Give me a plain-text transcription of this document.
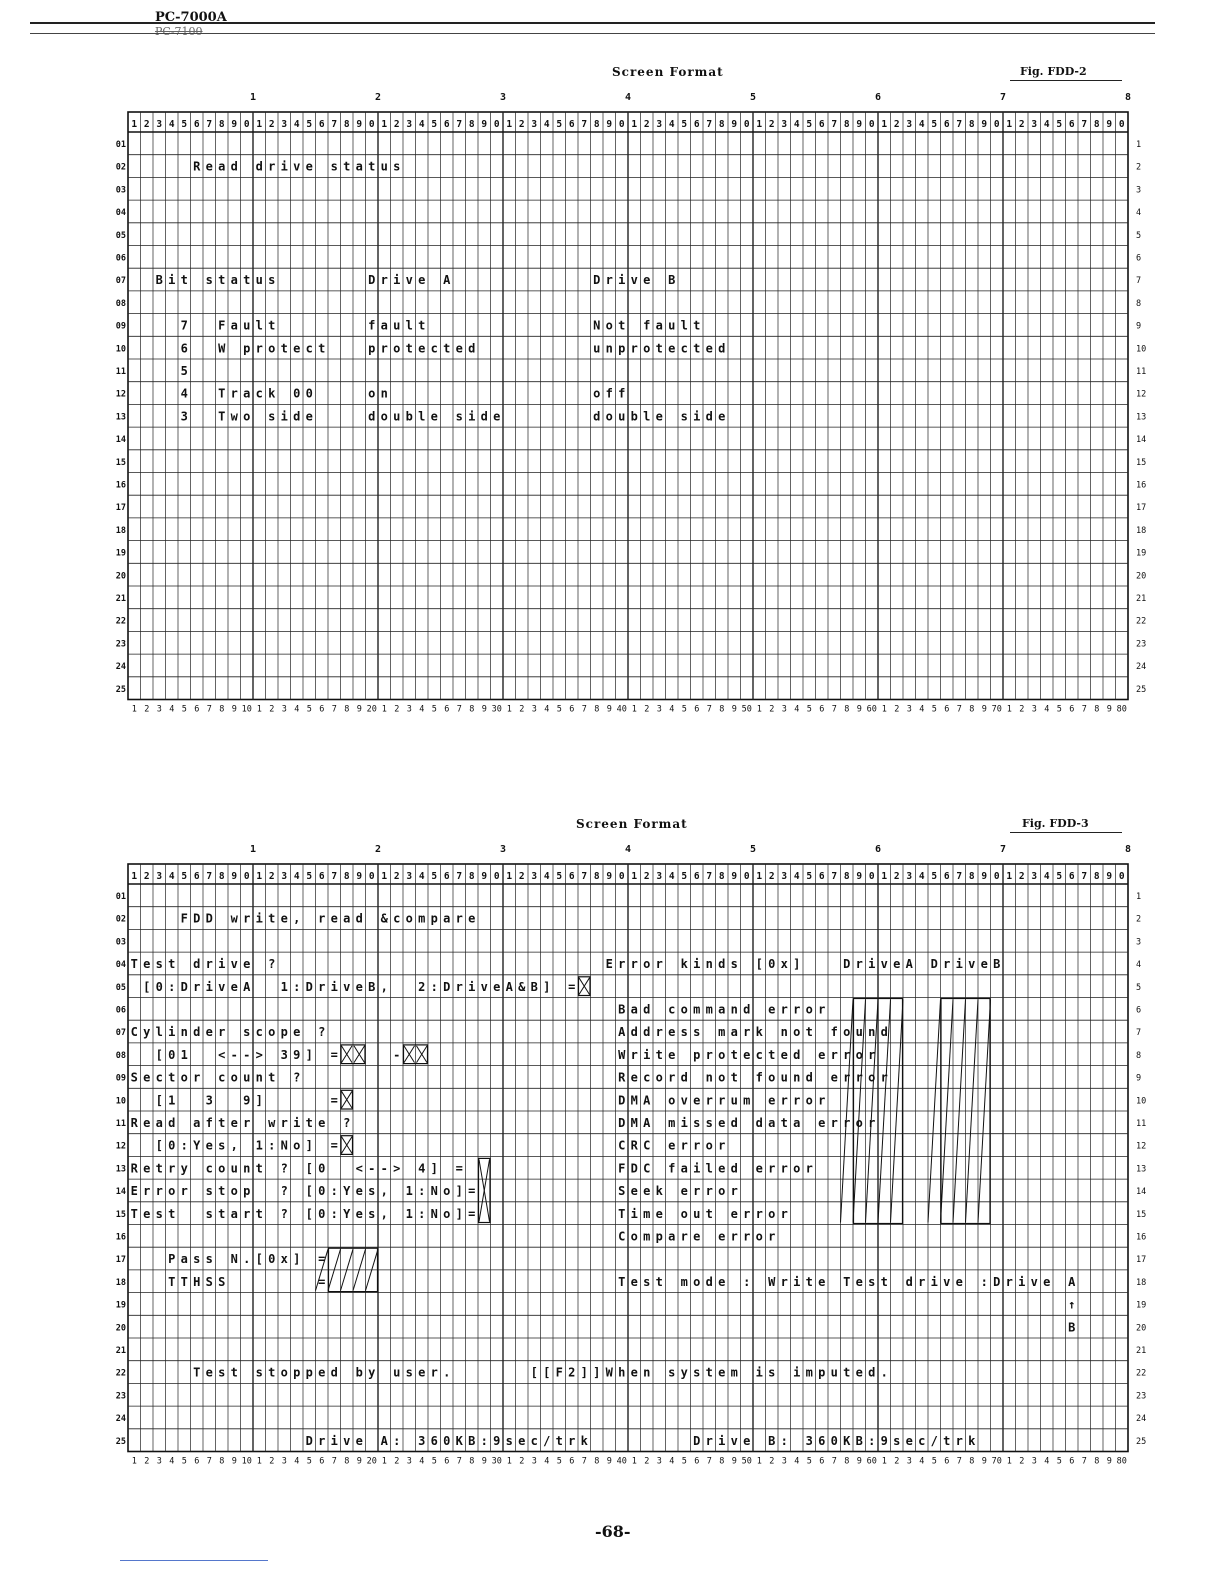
PC-7000A
PC-7100
Screen Format	Fig. FDD-2
1	2	3	4	5	6	7	8
1 2 3 4 5 6 7 8 9 0 1 2 3 4 5 6 7 8 9 0 1 2 3 4 5 6 7 8 9 0 1 2 3 4 5 6 7 8 9 0 1 2 3 4 5 6 7 8 9 0 1 2 3 4 5 6 7 8 9 0 1 2 3 4 5 6 7 8 9 0 1 2 3 4 5 6 7 8 9 0
1 2 3 4 5 6 7 8 9 10 1 2 3 4 5 6 7 8 9 20 1 2 3 4 5 6 7 8 9 30 1 2 3 4 5 6 7 8 9 40 1 2 3 4 5 6 7 8 9 50 1 2 3 4 5 6 7 8 9 60 1 2 3 4 5 6 7 8 9 70 1 2 3 4 5 6 7 8 9 80
01
02
03
04
05
06
07
08
09
10
11
12
13
14
15
16
17
18
19
20
21
22
23
24
25
1
2
3
4
5
6
7
8
9
10
11
12
13
14
15
16
17
18
19
20
21
22
23
24
25
R e a d d r i v e s t a t u s
B i t s t a t u s	D r i v e A	D r i v e B
7	F a u l t	f a u l t	N o t f a u l t
6	W p r o t e c t	p r o t e c t e d	u n p r o t e c t e d
5
4	T r a c k 0 0	o n	o f f
3	T w o s i d e	d o u b l e s i d e	d o u b l e s i d e
Screen Format	Fig. FDD-3
1	2	3	4	5	6	7	8
1 2 3 4 5 6 7 8 9 0 1 2 3 4 5 6 7 8 9 0 1 2 3 4 5 6 7 8 9 0 1 2 3 4 5 6 7 8 9 0 1 2 3 4 5 6 7 8 9 0 1 2 3 4 5 6 7 8 9 0 1 2 3 4 5 6 7 8 9 0 1 2 3 4 5 6 7 8 9 0
1 2 3 4 5 6 7 8 9 10 1 2 3 4 5 6 7 8 9 20 1 2 3 4 5 6 7 8 9 30 1 2 3 4 5 6 7 8 9 40 1 2 3 4 5 6 7 8 9 50 1 2 3 4 5 6 7 8 9 60 1 2 3 4 5 6 7 8 9 70 1 2 3 4 5 6 7 8 9 80
01
02
03
04
05
06
07
08
09
10
11
12
13
14
15
16
17
18
19
20
21
22
23
24
25
1
2
3
4
5
6
7
8
9
10
11
12
13
14
15
16
17
18
19
20
21
22
23
24
25
F D D w r i t e , r e a d & c o m p a r e
T e s t d r i v e ?	E r r o r k i n d s [ 0 x ]	D r i v e A D r i v e B
[ 0 : D r i v e A	1 : D r i v e B ,	2 : D r i v e A & B ] =
B a d c o m m a n d e r r o r
C y l i n d e r s c o p e ?	A d d r e s s m a r k n o t f o u n d
[ 0 1	< - - > 3 9 ] =	-	W r i t e p r o t e c t e d e r r o r
S e c t o r c o u n t ?	R e c o r d n o t f o u n d e r r o r
[ 1	3	9 ]	=	D M A o v e r r u m e r r o r
R e a d a f t e r w r i t e ?	D M A m i s s e d d a t a e r r o r
[ 0 : Y e s , 1 : N o ] =	C R C e r r o r
R e t r y c o u n t ? [ 0	< - - > 4 ] =	F D C f a i l e d e r r o r
E r r o r s t o p	? [ 0 : Y e s , 1 : N o ] =	S e e k e r r o r
T e s t	s t a r t ? [ 0 : Y e s , 1 : N o ] =	T i m e o u t e r r o r
C o m p a r e e r r o r
P a s s N . [ 0 x ] =
T T H S S	=	T e s t m o d e : W r i t e T e s t d r i v e : D r i v e A
↑
B
T e s t s t o p p e d b y u s e r .	[ [ F 2 ] ] W h e n s y s t e m i s i m p u t e d .
D r i v e A : 3 6 0 K B : 9 s e c / t r k	D r i v e B : 3 6 0 K B : 9 s e c / t r k
-68-
